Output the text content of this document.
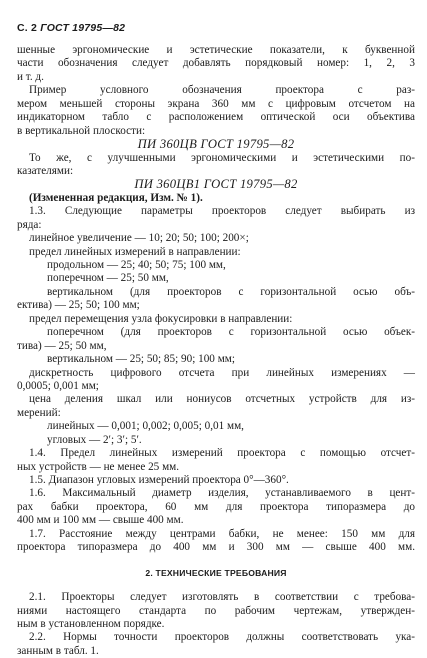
С. 2 ГОСТ 19795—82
шенные эргономические и эстетические показатели, к буквенной
части обозначения следует добавлять порядковый номер: 1, 2, 3
и т. д.
Пример условного обозначения проектора с раз-
мером меньшей стороны экрана 360 мм с цифровым отсчетом на
индикаторном табло с расположением оптической оси объектива
в вертикальной плоскости:
ПИ 360ЦВ ГОСТ 19795—82
То же, с улучшенными эргономическими и эстетическими по-
казателями:
ПИ 360ЦВ1 ГОСТ 19795—82
(Измененная редакция, Изм. № 1).
1.3. Следующие параметры проекторов следует выбирать из
ряда:
линейное увеличение — 10; 20; 50; 100; 200×;
предел линейных измерений в направлении:
продольном — 25; 40; 50; 75; 100 мм,
поперечном — 25; 50 мм,
вертикальном (для проекторов с горизонтальной осью объ-
ектива) — 25; 50; 100 мм;
предел перемещения узла фокусировки в направлении:
поперечном (для проекторов с горизонтальной осью объек-
тива) — 25; 50 мм,
вертикальном — 25; 50; 85; 90; 100 мм;
дискретность цифрового отсчета при линейных измерениях —
0,0005; 0,001 мм;
цена деления шкал или нониусов отсчетных устройств для из-
мерений:
линейных — 0,001; 0,002; 0,005; 0,01 мм,
угловых — 2′; 3′; 5′.
1.4. Предел линейных измерений проектора с помощью отсчет-
ных устройств — не менее 25 мм.
1.5. Диапазон угловых измерений проектора 0°—360°.
1.6. Максимальный диаметр изделия, устанавливаемого в цент-
рах бабки проектора, 60 мм для проектора типоразмера до
400 мм и 100 мм — свыше 400 мм.
1.7. Расстояние между центрами бабки, не менее: 150 мм для
проектора типоразмера до 400 мм и 300 мм — свыше 400 мм.
2. ТЕХНИЧЕСКИЕ ТРЕБОВАНИЯ
2.1. Проекторы следует изготовлять в соответствии с требова-
ниями настоящего стандарта по рабочим чертежам, утвержден-
ным в установленном порядке.
2.2. Нормы точности проекторов должны соответствовать ука-
занным в табл. 1.
